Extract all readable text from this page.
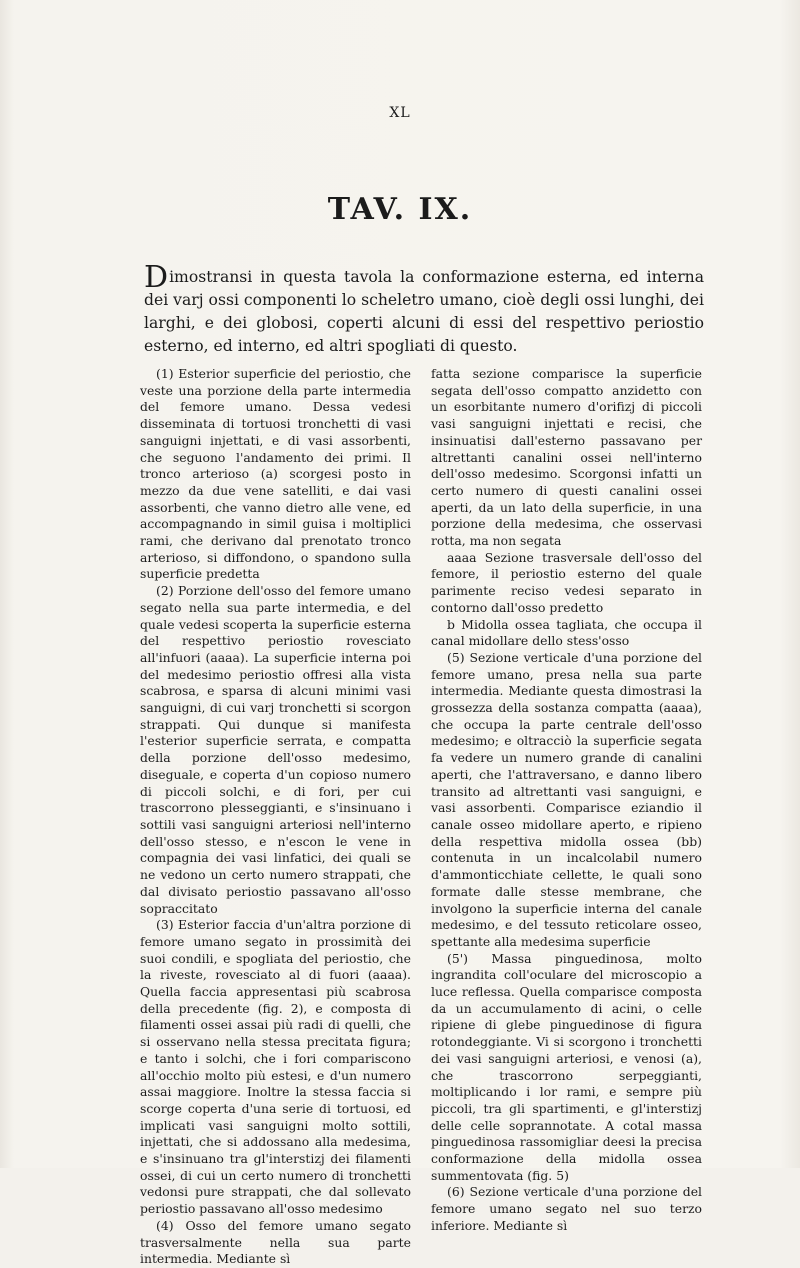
XL
TAV. IX.
Dimostransi in questa tavola la conformazione esterna, ed interna dei varj ossi componenti lo scheletro umano, cioè degli ossi lunghi, dei larghi, e dei globosi, coperti alcuni di essi del respettivo periostio esterno, ed interno, ed altri spogliati di questo.

(1) Esterior superficie del periostio, che veste una porzione della parte intermedia del femore umano. Dessa vedesi disseminata di tortuosi tronchetti di vasi sanguigni injettati, e di vasi assorbenti, che seguono l'andamento dei primi. Il tronco arterioso (a) scorgesi posto in mezzo da due vene satelliti, e dai vasi assorbenti, che vanno dietro alle vene, ed accompagnando in simil guisa i moltiplici rami, che derivano dal prenotato tronco arterioso, si diffondono, o spandono sulla superficie predetta

(2) Porzione dell'osso del femore umano segato nella sua parte intermedia, e del quale vedesi scoperta la superficie esterna del respettivo periostio rovesciato all'infuori (aaaa). La superficie interna poi del medesimo periostio offresi alla vista scabrosa, e sparsa di alcuni minimi vasi sanguigni, di cui varj tronchetti si scorgon strappati. Qui dunque si manifesta l'esterior superficie serrata, e compatta della porzione dell'osso medesimo, diseguale, e coperta d'un copioso numero di piccoli solchi, e di fori, per cui trascorrono plesseggianti, e s'insinuano i sottili vasi sanguigni arteriosi nell'interno dell'osso stesso, e n'escon le vene in compagnia dei vasi linfatici, dei quali se ne vedono un certo numero strappati, che dal divisato periostio passavano all'osso sopraccitato

(3) Esterior faccia d'un'altra porzione di femore umano segato in prossimità dei suoi condili, e spogliata del periostio, che la riveste, rovesciato al di fuori (aaaa). Quella faccia appresentasi più scabrosa della precedente (fig. 2), e composta di filamenti ossei assai più radi di quelli, che si osservano nella stessa precitata figura; e tanto i solchi, che i fori compariscono all'occhio molto più estesi, e d'un numero assai maggiore. Inoltre la stessa faccia si scorge coperta d'una serie di tortuosi, ed implicati vasi sanguigni molto sottili, injettati, che si addossano alla medesima, e s'insinuano tra gl'interstizj dei filamenti ossei, di cui un certo numero di tronchetti vedonsi pure strappati, che dal sollevato periostio passavano all'osso medesimo

(4) Osso del femore umano segato trasversalmente nella sua parte intermedia. Mediante sì

fatta sezione comparisce la superficie segata dell'osso compatto anzidetto con un esorbitante numero d'orifizj di piccoli vasi sanguigni injettati e recisi, che insinuatisi dall'esterno passavano per altrettanti canalini ossei nell'interno dell'osso medesimo. Scorgonsi infatti un certo numero di questi canalini ossei aperti, da un lato della superficie, in una porzione della medesima, che osservasi rotta, ma non segata

aaaa Sezione trasversale dell'osso del femore, il periostio esterno del quale parimente reciso vedesi separato in contorno dall'osso predetto

b Midolla ossea tagliata, che occupa il canal midollare dello stess'osso

(5) Sezione verticale d'una porzione del femore umano, presa nella sua parte intermedia. Mediante questa dimostrasi la grossezza della sostanza compatta (aaaa), che occupa la parte centrale dell'osso medesimo; e oltracciò la superficie segata fa vedere un numero grande di canalini aperti, che l'attraversano, e danno libero transito ad altrettanti vasi sanguigni, e vasi assorbenti. Comparisce eziandio il canale osseo midollare aperto, e ripieno della respettiva midolla ossea (bb) contenuta in un incalcolabil numero d'ammonticchiate cellette, le quali sono formate dalle stesse membrane, che involgono la superficie interna del canale medesimo, e del tessuto reticolare osseo, spettante alla medesima superficie

(5') Massa pinguedinosa, molto ingrandita coll'oculare del microscopio a luce reflessa. Quella comparisce composta da un accumulamento di acini, o celle ripiene di glebe pinguedinose di figura rotondeggiante. Vi si scorgono i tronchetti dei vasi sanguigni arteriosi, e venosi (a), che trascorrono serpeggianti, moltiplicando i lor rami, e sempre più piccoli, tra gli spartimenti, e gl'interstizj delle celle soprannotate. A cotal massa pinguedinosa rassomigliar deesi la precisa conformazione della midolla ossea summentovata (fig. 5)

(6) Sezione verticale d'una porzione del femore umano segato nel suo terzo inferiore. Mediante sì
